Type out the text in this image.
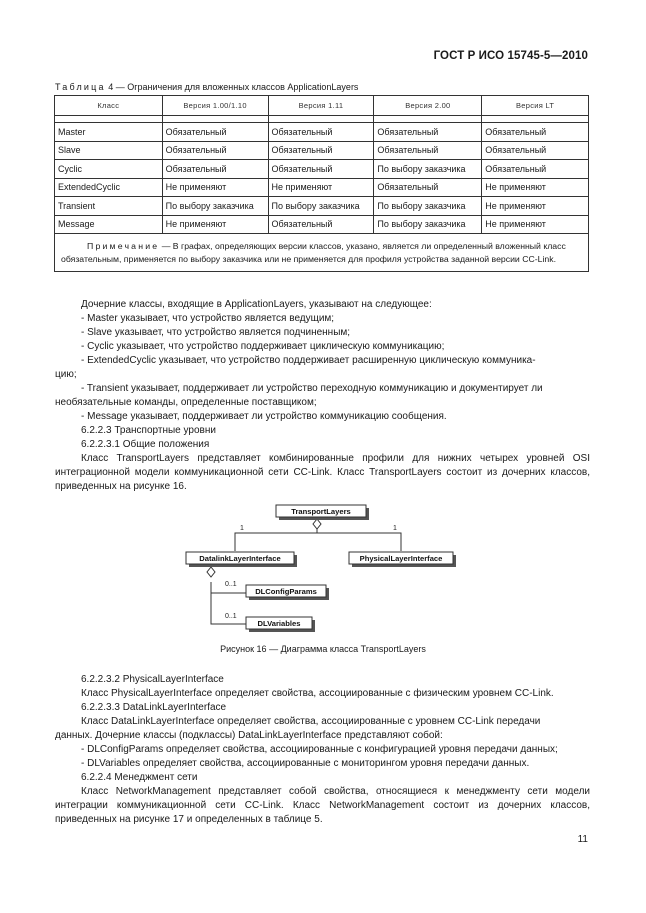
ГОСТ Р ИСО 15745-5—2010
Таблица 4 — Ограничения для вложенных классов ApplicationLayers
Класс	Версия 1.00/1.10	Версия 1.11	Версия 2.00	Версия LT

Master	Обязательный	Обязательный	Обязательный	Обязательный
Slave	Обязательный	Обязательный	Обязательный	Обязательный
Cyclic	Обязательный	Обязательный	По выбору заказчика	Обязательный
ExtendedCyclic	Не применяют	Не применяют	Обязательный	Не применяют
Transient	По выбору заказчика	По выбору заказчика	По выбору заказчика	Не применяют
Message	Не применяют	Обязательный	По выбору заказчика	Не применяют
Примечание — В графах, определяющих версии классов, указано, является ли определенный вложенный класс обязательным, применяется по выбору заказчика или не применяется для профиля устройства заданной версии CC-Link.				

Дочерние классы, входящие в ApplicationLayers, указывают на следующее:

- Master указывает, что устройство является ведущим;

- Slave указывает, что устройство является подчиненным;

- Cyclic указывает, что устройство поддерживает циклическую коммуникацию;

- ExtendedCyclic указывает, что устройство поддерживает расширенную циклическую коммуника-

цию;

- Transient указывает, поддерживает ли устройство переходную коммуникацию и документирует ли

необязательные команды, определенные поставщиком;

- Message указывает, поддерживает ли устройство коммуникацию сообщения.

6.2.2.3 Транспортные уровни

6.2.2.3.1 Общие положения

Класс TransportLayers представляет комбинированные профили для нижних четырех уровней OSI интеграционной модели коммуникационной сети CC-Link. Класс TransportLayers состоит из дочерних классов, приведенных на рисунке 16.

TransportLayers
DatalinkLayerInterface	PhysicalLayerInterface
DLConfigParams
DLVariables
1	1
0..1
0..1
Рисунок 16 — Диаграмма класса TransportLayers

6.2.2.3.2 PhysicalLayerInterface

Класс PhysicalLayerInterface определяет свойства, ассоциированные с физическим уровнем CC-Link.

6.2.2.3.3 DataLinkLayerInterface

Класс DataLinkLayerInterface определяет свойства, ассоциированные с уровнем CC-Link передачи

данных. Дочерние классы (подклассы) DataLinkLayerInterface представляют собой:

- DLConfigParams определяет свойства, ассоциированные с конфигурацией уровня передачи данных;

- DLVariables определяет свойства, ассоциированные с мониторингом уровня передачи данных.

6.2.2.4 Менеджмент сети

Класс NetworkManagement представляет собой свойства, относящиеся к менеджменту сети модели интеграции коммуникационной сети CC-Link. Класс NetworkManagement состоит из дочерних классов, приведенных на рисунке 17 и определенных в таблице 5.

11
